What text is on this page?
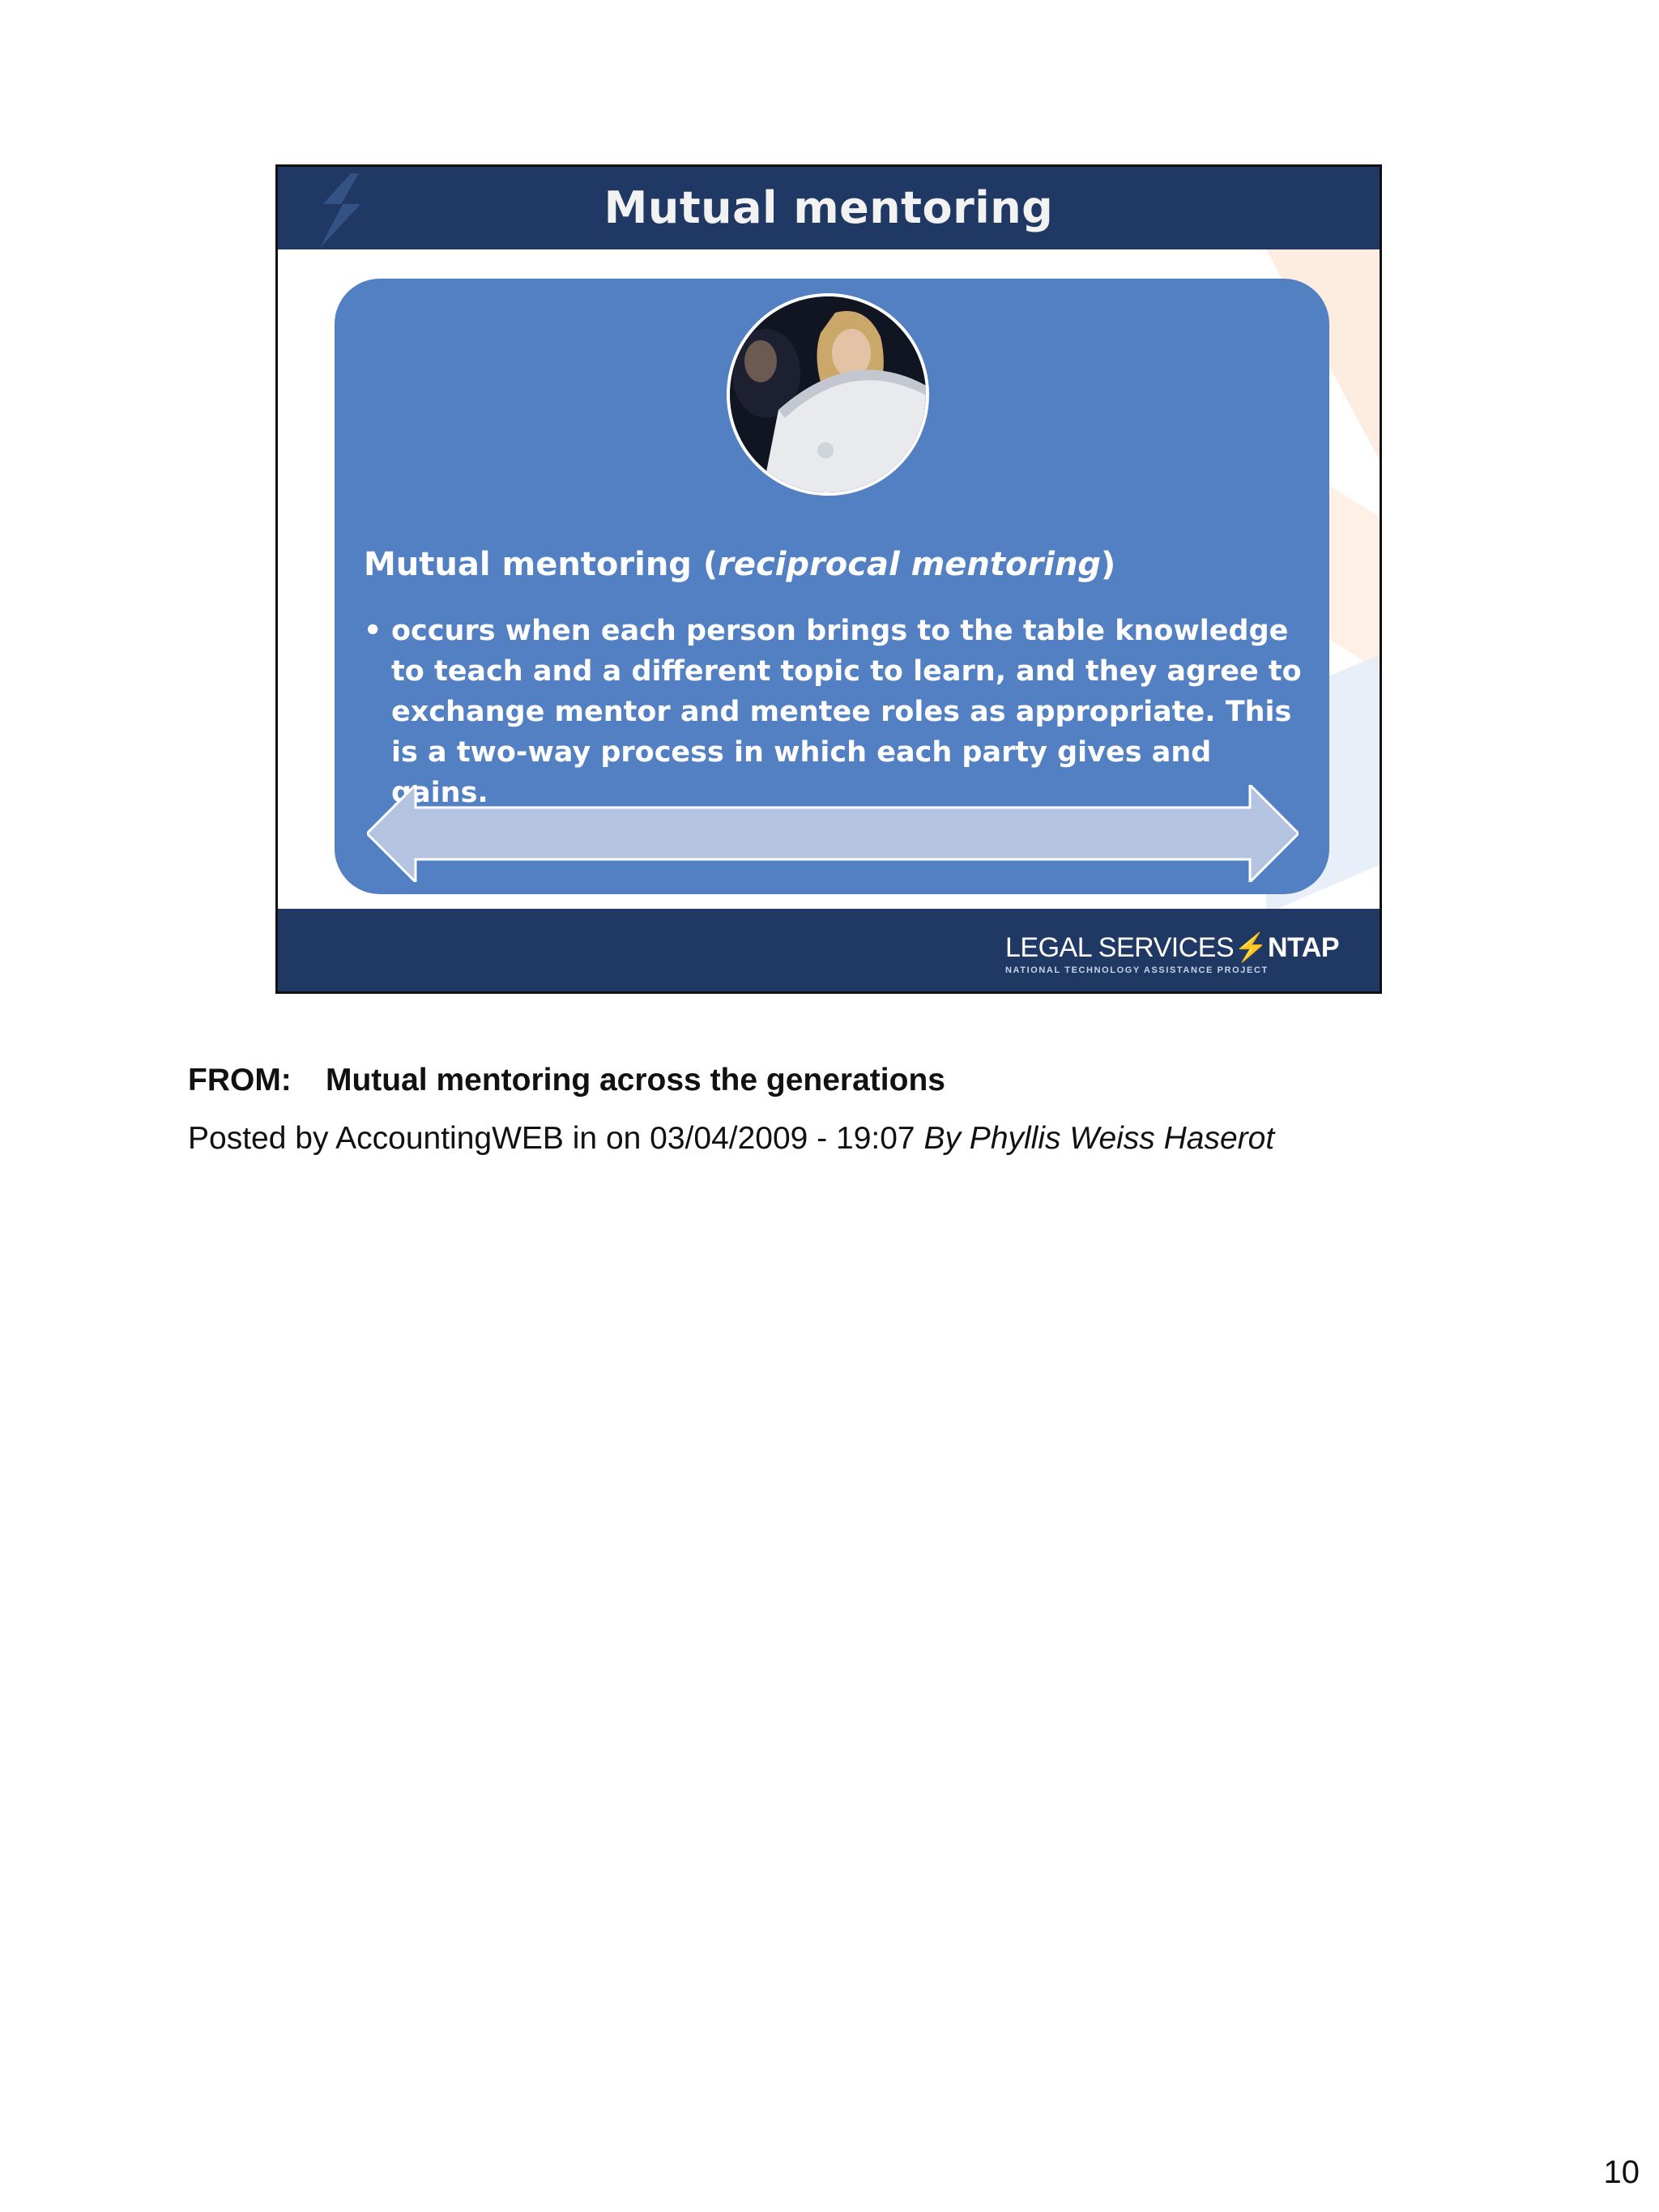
Mutual mentoring
Mutual mentoring (reciprocal mentoring)
• occurs when each person brings to the table knowledge to teach and a different topic to learn, and they agree to exchange mentor and mentee roles as appropriate. This is a two-way process in which each party gives and gains.
LEGAL SERVICES⚡NTAP
NATIONAL TECHNOLOGY ASSISTANCE PROJECT
FROM: Mutual mentoring across the generations
Posted by AccountingWEB in on 03/04/2009 - 19:07 By Phyllis Weiss Haserot
10
